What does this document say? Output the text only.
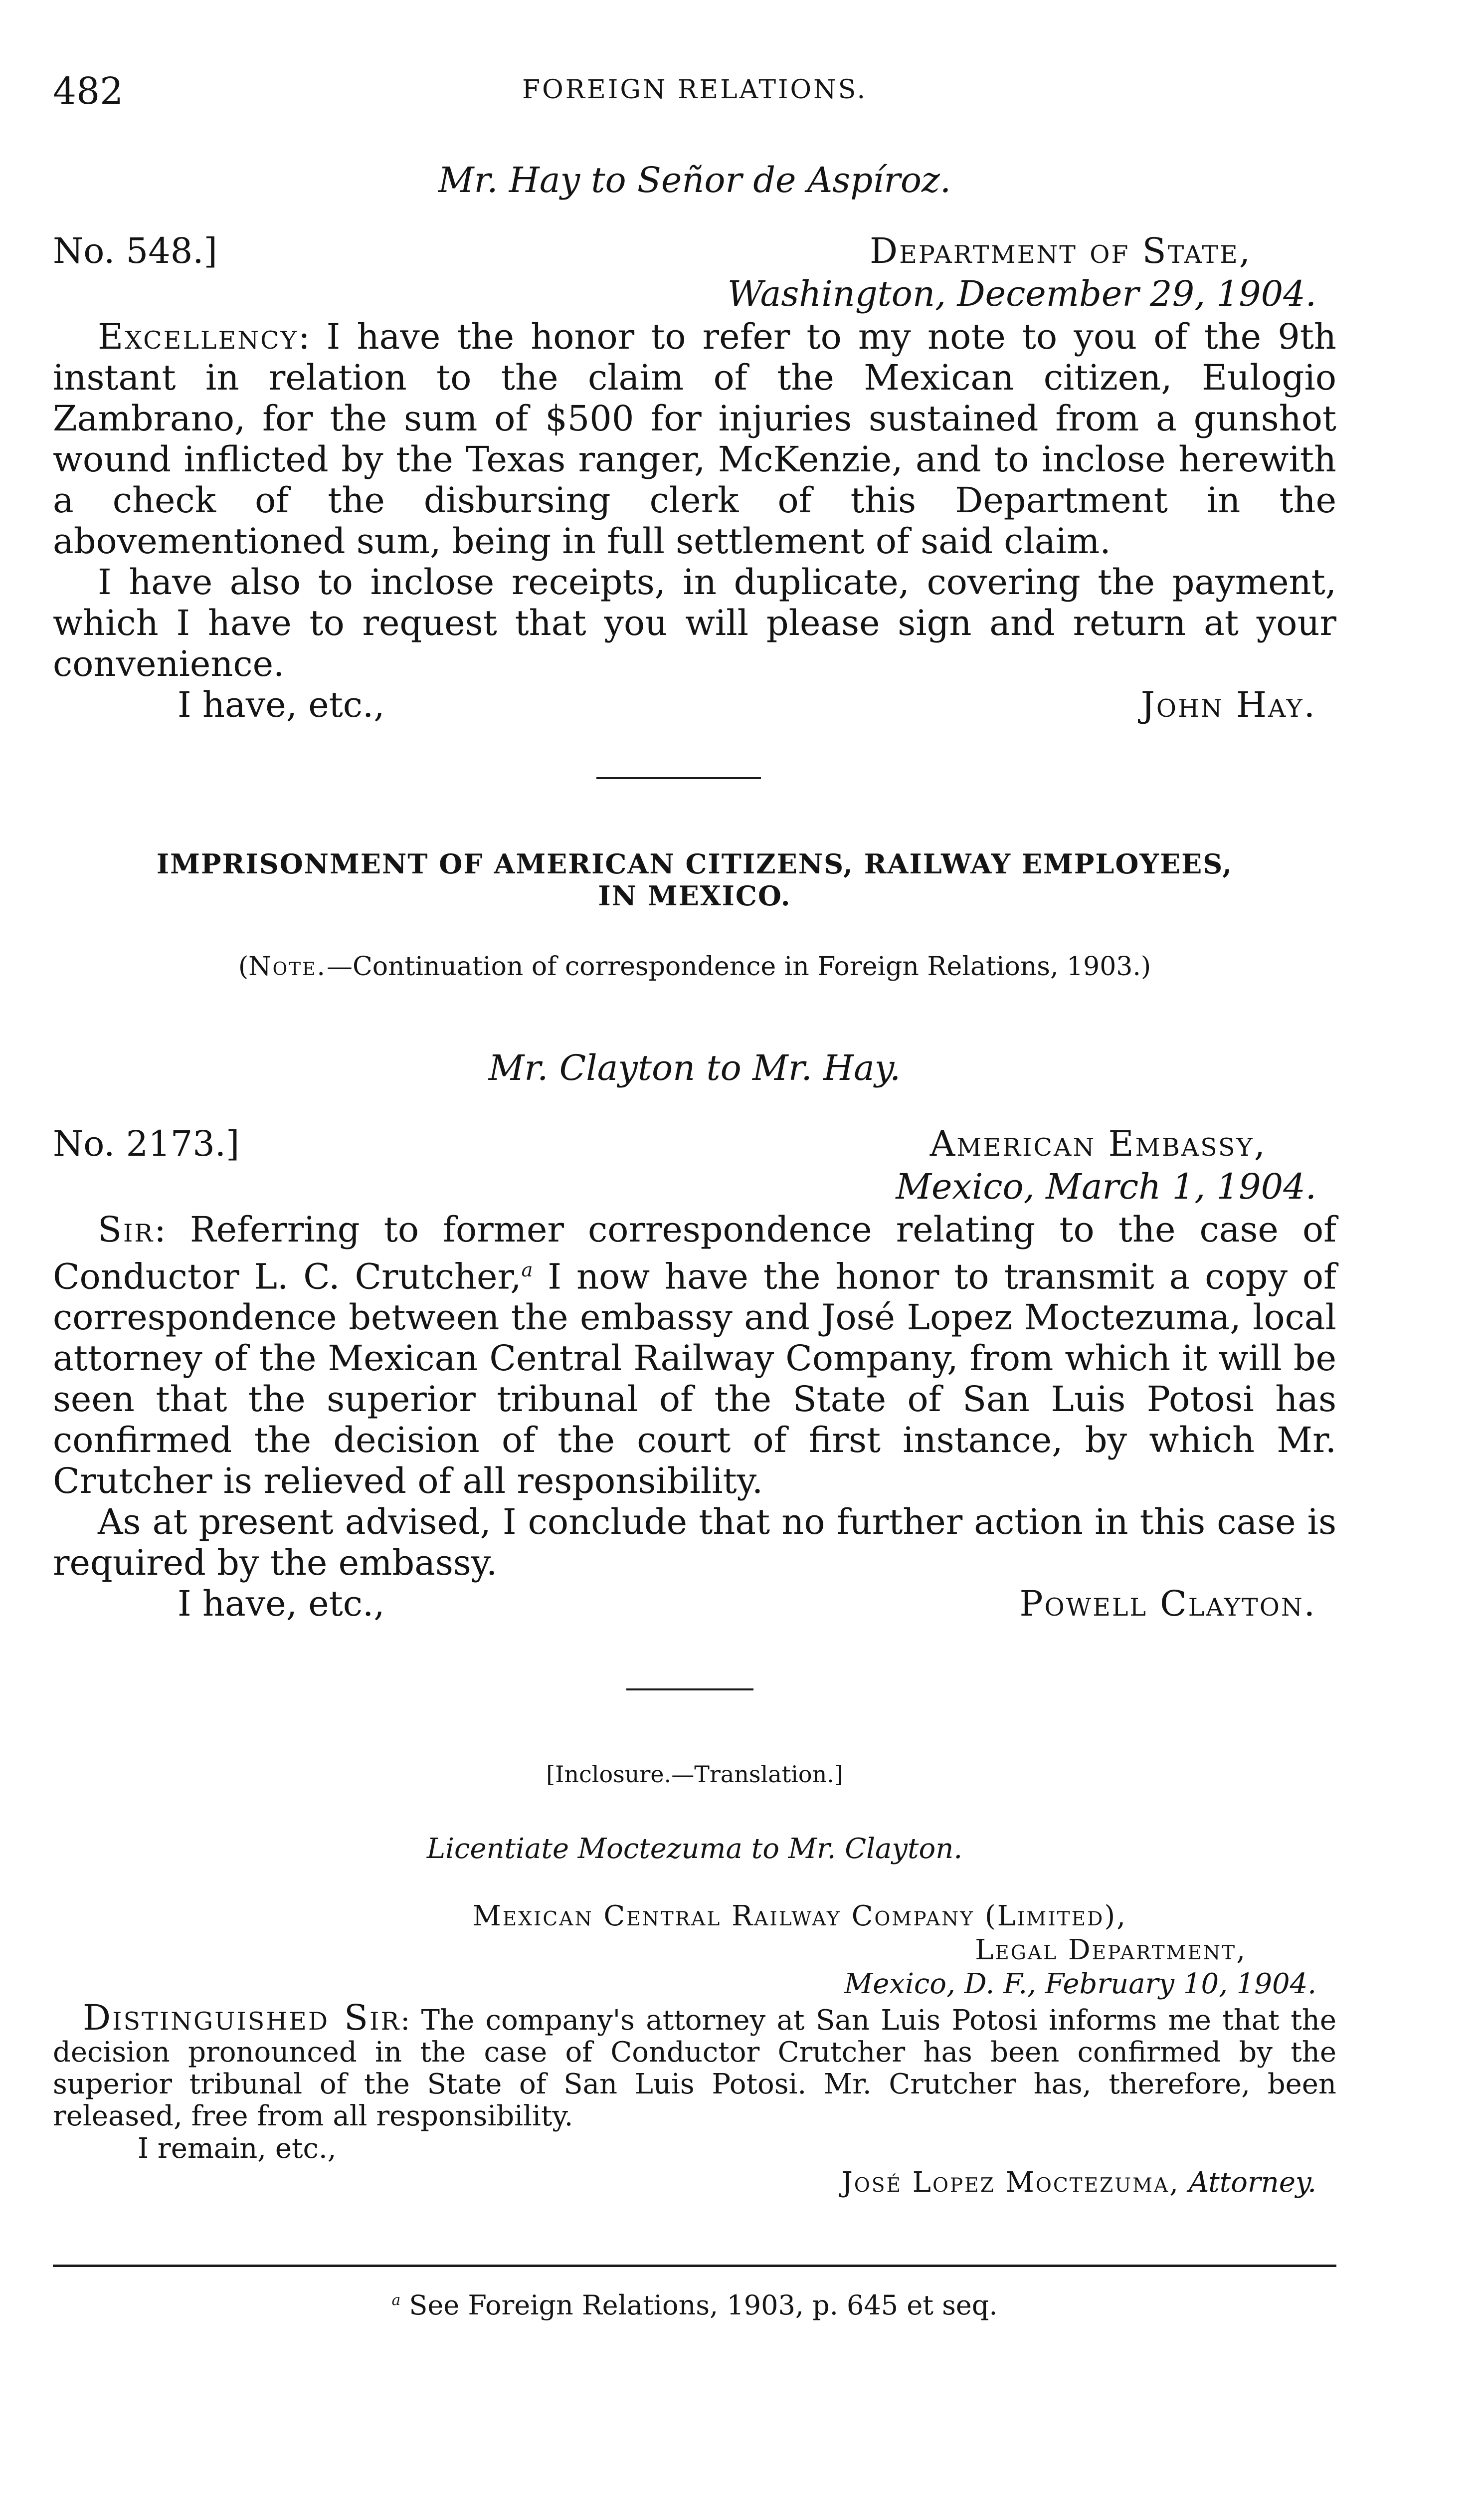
482	FOREIGN RELATIONS.
Mr. Hay to Señor de Aspíroz.
No. 548.]	Department of State,
Washington, December 29, 1904.

Excellency: I have the honor to refer to my note to you of the 9th instant in relation to the claim of the Mexican citizen, Eulogio Zambrano, for the sum of $500 for injuries sustained from a gunshot wound inflicted by the Texas ranger, McKenzie, and to inclose herewith a check of the disbursing clerk of this Department in the abovementioned sum, being in full settlement of said claim.

I have also to inclose receipts, in duplicate, covering the payment, which I have to request that you will please sign and return at your convenience.

I have, etc.,	John Hay.
IMPRISONMENT OF AMERICAN CITIZENS, RAILWAY EMPLOYEES,
IN MEXICO.
(Note.—Continuation of correspondence in Foreign Relations, 1903.)
Mr. Clayton to Mr. Hay.
No. 2173.]	American Embassy,
Mexico, March 1, 1904.

Sir: Referring to former correspondence relating to the case of Conductor L. C. Crutcher,$^a$ I now have the honor to transmit a copy of correspondence between the embassy and José Lopez Moctezuma, local attorney of the Mexican Central Railway Company, from which it will be seen that the superior tribunal of the State of San Luis Potosi has confirmed the decision of the court of first instance, by which Mr. Crutcher is relieved of all responsibility.

As at present advised, I conclude that no further action in this case is required by the embassy.

I have, etc.,	Powell Clayton.
[Inclosure.—Translation.]
Licentiate Moctezuma to Mr. Clayton.
Mexican Central Railway Company (Limited),
Legal Department,
Mexico, D. F., February 10, 1904.

Distinguished Sir: The company's attorney at San Luis Potosi informs me that the decision pronounced in the case of Conductor Crutcher has been confirmed by the superior tribunal of the State of San Luis Potosi. Mr. Crutcher has, therefore, been released, free from all responsibility.

I remain, etc.,
José Lopez Moctezuma, Attorney.
$^a$ See Foreign Relations, 1903, p. 645 et seq.
